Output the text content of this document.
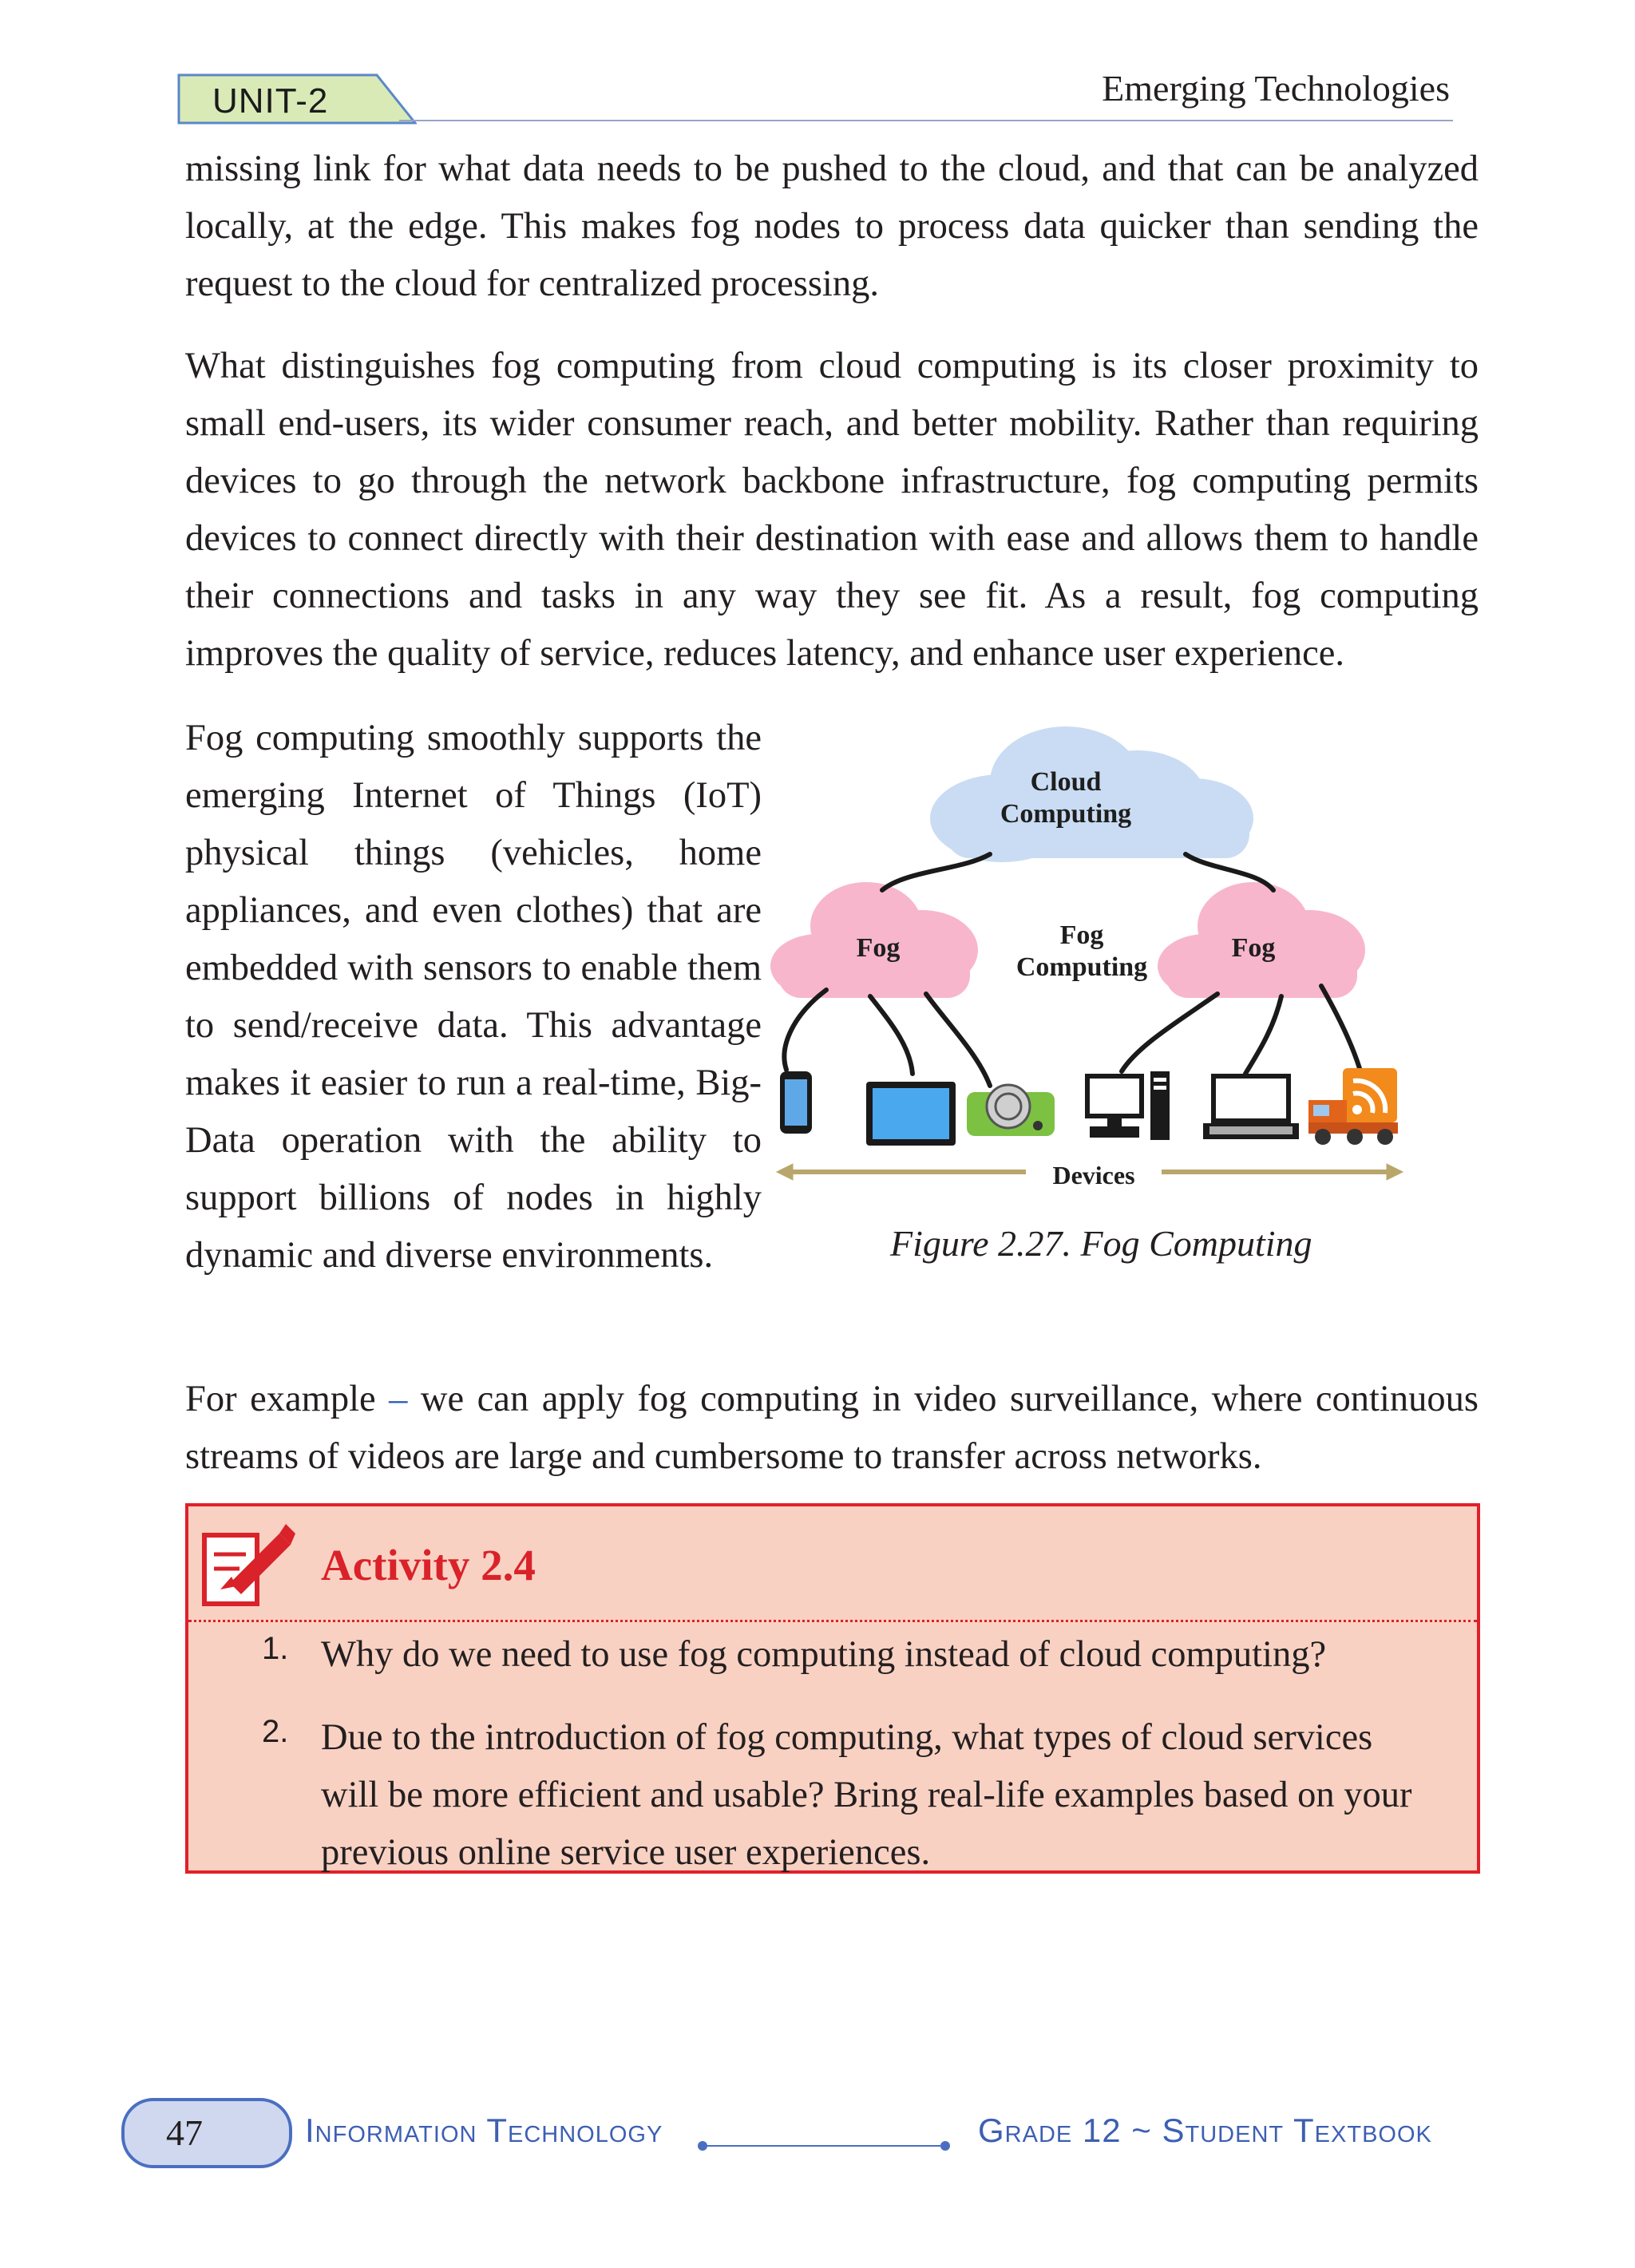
UNIT-2	Emerging Technologies

missing link for what data needs to be pushed to the cloud, and that can be analyzed locally, at the edge. This makes fog nodes to process data quicker than sending the request to the cloud for centralized processing.

What distinguishes fog computing from cloud computing is its closer proximity to small end-users, its wider consumer reach, and better mobility. Rather than requiring devices to go through the network backbone infrastructure, fog computing permits devices to connect directly with their destination with ease and allows them to handle their connections and tasks in any way they see fit. As a result, fog computing improves the quality of service, reduces latency, and enhance user experience.

Fog computing smoothly supports the emerging Internet of Things (IoT) physical things (vehicles, home appliances, and even clothes) that are embedded with sensors to enable them to send/receive data. This advantage makes it easier to run a real-time, Big-Data operation with the ability to support billions of nodes in highly dynamic and diverse environments.

Cloud Computing
Fog	Fog
Computing
Fog
Devices
Figure 2.27. Fog Computing

For example – we can apply fog computing in video surveillance, where continuous streams of videos are large and cumbersome to transfer across networks.

Activity 2.4
1. Why do we need to use fog computing instead of cloud computing?

2. Due to the introduction of fog computing, what types of cloud services will be more efficient and usable? Bring real-life examples based on your previous online service user experiences.

47	Information Technology	Grade 12 ~ Student Textbook
